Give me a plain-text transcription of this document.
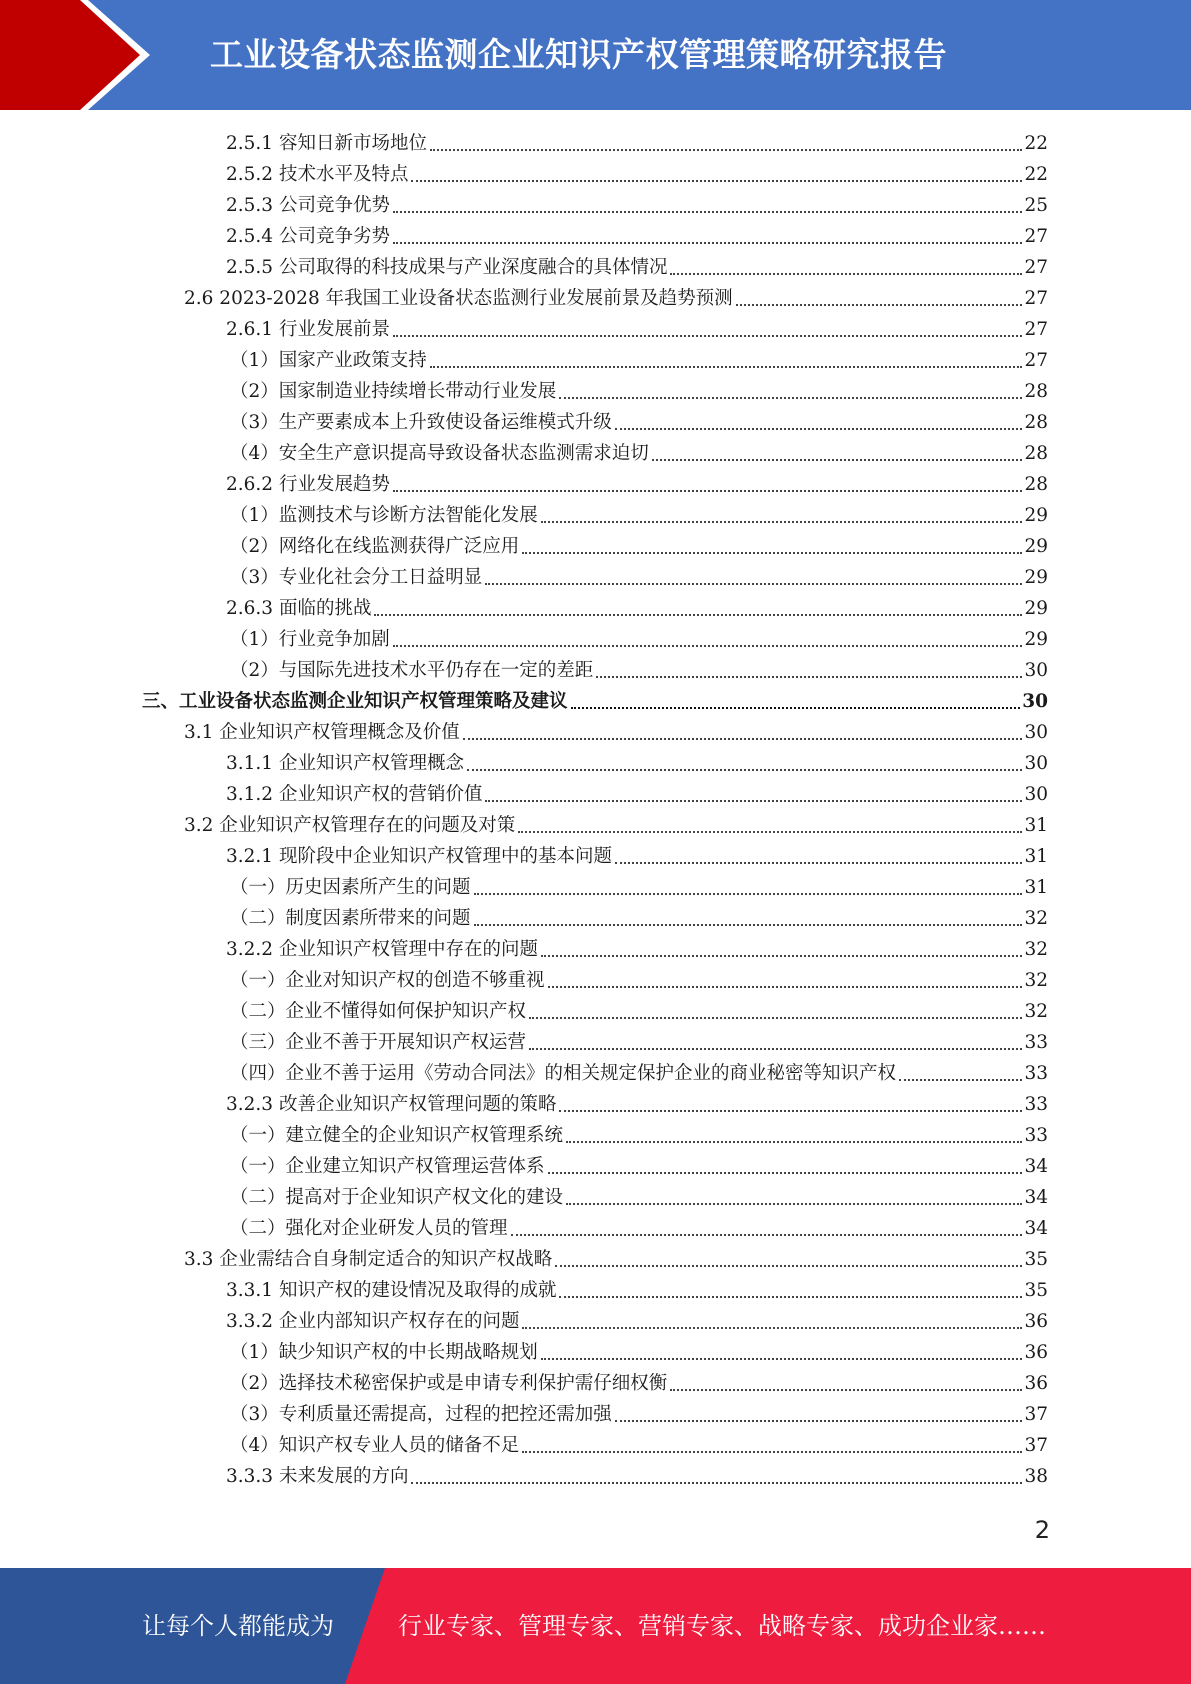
工业设备状态监测企业知识产权管理策略研究报告
2.5.1 容知日新市场地位	22
2.5.2 技术水平及特点	22
2.5.3 公司竞争优势	25
2.5.4 公司竞争劣势	27
2.5.5 公司取得的科技成果与产业深度融合的具体情况	27
2.6 2023-2028 年我国工业设备状态监测行业发展前景及趋势预测	27
2.6.1 行业发展前景	27
（1）国家产业政策支持	27
（2）国家制造业持续增长带动行业发展	28
（3）生产要素成本上升致使设备运维模式升级	28
（4）安全生产意识提高导致设备状态监测需求迫切	28
2.6.2 行业发展趋势	28
（1）监测技术与诊断方法智能化发展	29
（2）网络化在线监测获得广泛应用	29
（3）专业化社会分工日益明显	29
2.6.3 面临的挑战	29
（1）行业竞争加剧	29
（2）与国际先进技术水平仍存在一定的差距	30
三、工业设备状态监测企业知识产权管理策略及建议	30
3.1 企业知识产权管理概念及价值	30
3.1.1 企业知识产权管理概念	30
3.1.2 企业知识产权的营销价值	30
3.2 企业知识产权管理存在的问题及对策	31
3.2.1 现阶段中企业知识产权管理中的基本问题	31
（一）历史因素所产生的问题	31
（二）制度因素所带来的问题	32
3.2.2 企业知识产权管理中存在的问题	32
（一）企业对知识产权的创造不够重视	32
（二）企业不懂得如何保护知识产权	32
（三）企业不善于开展知识产权运营	33
（四）企业不善于运用《劳动合同法》的相关规定保护企业的商业秘密等知识产权	33
3.2.3 改善企业知识产权管理问题的策略	33
（一）建立健全的企业知识产权管理系统	33
（一）企业建立知识产权管理运营体系	34
（二）提高对于企业知识产权文化的建设	34
（二）强化对企业研发人员的管理	34
3.3 企业需结合自身制定适合的知识产权战略	35
3.3.1 知识产权的建设情况及取得的成就	35
3.3.2 企业内部知识产权存在的问题	36
（1）缺少知识产权的中长期战略规划	36
（2）选择技术秘密保护或是申请专利保护需仔细权衡	36
（3）专利质量还需提高，过程的把控还需加强	37
（4）知识产权专业人员的储备不足	37
3.3.3 未来发展的方向	38
2
让每个人都能成为	行业专家、管理专家、营销专家、战略专家、成功企业家……
